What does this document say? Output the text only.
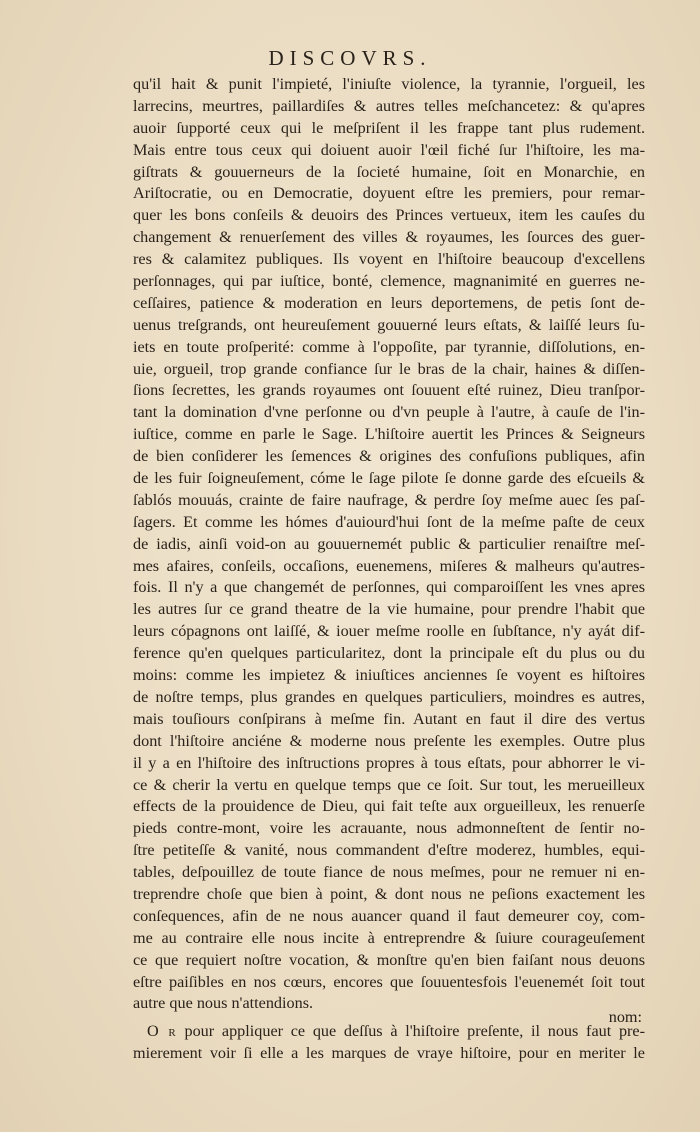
DISCOVRS.
qu'il hait & punit l'impieté, l'iniuſte violence, la tyrannie, l'orgueil, les
larrecins, meurtres, paillardiſes & autres telles meſchancetez: & qu'apres
auoir ſupporté ceux qui le meſpriſent il les frappe tant plus rudement.
Mais entre tous ceux qui doiuent auoir l'œil fiché ſur l'hiſtoire, les ma-
giſtrats & gouuerneurs de la ſocieté humaine, ſoit en Monarchie, en
Ariſtocratie, ou en Democratie, doyuent eſtre les premiers, pour remar-
quer les bons conſeils & deuoirs des Princes vertueux, item les cauſes du
changement & renuerſement des villes & royaumes, les ſources des guer-
res & calamitez publiques. Ils voyent en l'hiſtoire beaucoup d'excellens
perſonnages, qui par iuſtice, bonté, clemence, magnanimité en guerres ne-
ceſſaires, patience & moderation en leurs deportemens, de petis ſont de-
uenus treſgrands, ont heureuſement gouuerné leurs eſtats, & laiſſé leurs ſu-
iets en toute proſperité: comme à l'oppoſite, par tyrannie, diſſolutions, en-
uie, orgueil, trop grande confiance ſur le bras de la chair, haines & diſſen-
ſions ſecrettes, les grands royaumes ont ſouuent eſté ruinez, Dieu tranſpor-
tant la domination d'vne perſonne ou d'vn peuple à l'autre, à cauſe de l'in-
iuſtice, comme en parle le Sage. L'hiſtoire auertit les Princes & Seigneurs
de bien conſiderer les ſemences & origines des confuſions publiques, afin
de les fuir ſoigneuſement, cóme le ſage pilote ſe donne garde des eſcueils &
ſablós mouuás, crainte de faire naufrage, & perdre ſoy meſme auec ſes paſ-
ſagers. Et comme les hómes d'auiourd'hui ſont de la meſme paſte de ceux
de iadis, ainſi void-on au gouuernemét public & particulier renaiſtre meſ-
mes afaires, conſeils, occaſions, euenemens, miſeres & malheurs qu'autres-
fois. Il n'y a que changemét de perſonnes, qui comparoiſſent les vnes apres
les autres ſur ce grand theatre de la vie humaine, pour prendre l'habit que
leurs cópagnons ont laiſſé, & iouer meſme roolle en ſubſtance, n'y ayát dif-
ference qu'en quelques particularitez, dont la principale eſt du plus ou du
moins: comme les impietez & iniuſtices anciennes ſe voyent es hiſtoires
de noſtre temps, plus grandes en quelques particuliers, moindres es autres,
mais touſiours conſpirans à meſme fin. Autant en faut il dire des vertus
dont l'hiſtoire anciéne & moderne nous preſente les exemples. Outre plus
il y a en l'hiſtoire des inſtructions propres à tous eſtats, pour abhorrer le vi-
ce & cherir la vertu en quelque temps que ce ſoit. Sur tout, les merueilleux
effects de la prouidence de Dieu, qui fait teſte aux orgueilleux, les renuerſe
pieds contre-mont, voire les acrauante, nous admonneſtent de ſentir no-
ſtre petiteſſe & vanité, nous commandent d'eſtre moderez, humbles, equi-
tables, deſpouillez de toute fiance de nous meſmes, pour ne remuer ni en-
treprendre choſe que bien à point, & dont nous ne peſions exactement les
conſequences, afin de ne nous auancer quand il faut demeurer coy, com-
me au contraire elle nous incite à entreprendre & ſuiure courageuſement
ce que requiert noſtre vocation, & monſtre qu'en bien faiſant nous deuons
eſtre paiſibles en nos cœurs, encores que ſouuentesfois l'euenemét ſoit tout
autre que nous n'attendions.
O r pour appliquer ce que deſſus à l'hiſtoire preſente, il nous faut pre-
mierement voir ſi elle a les marques de vraye hiſtoire, pour en meriter le
nom:
